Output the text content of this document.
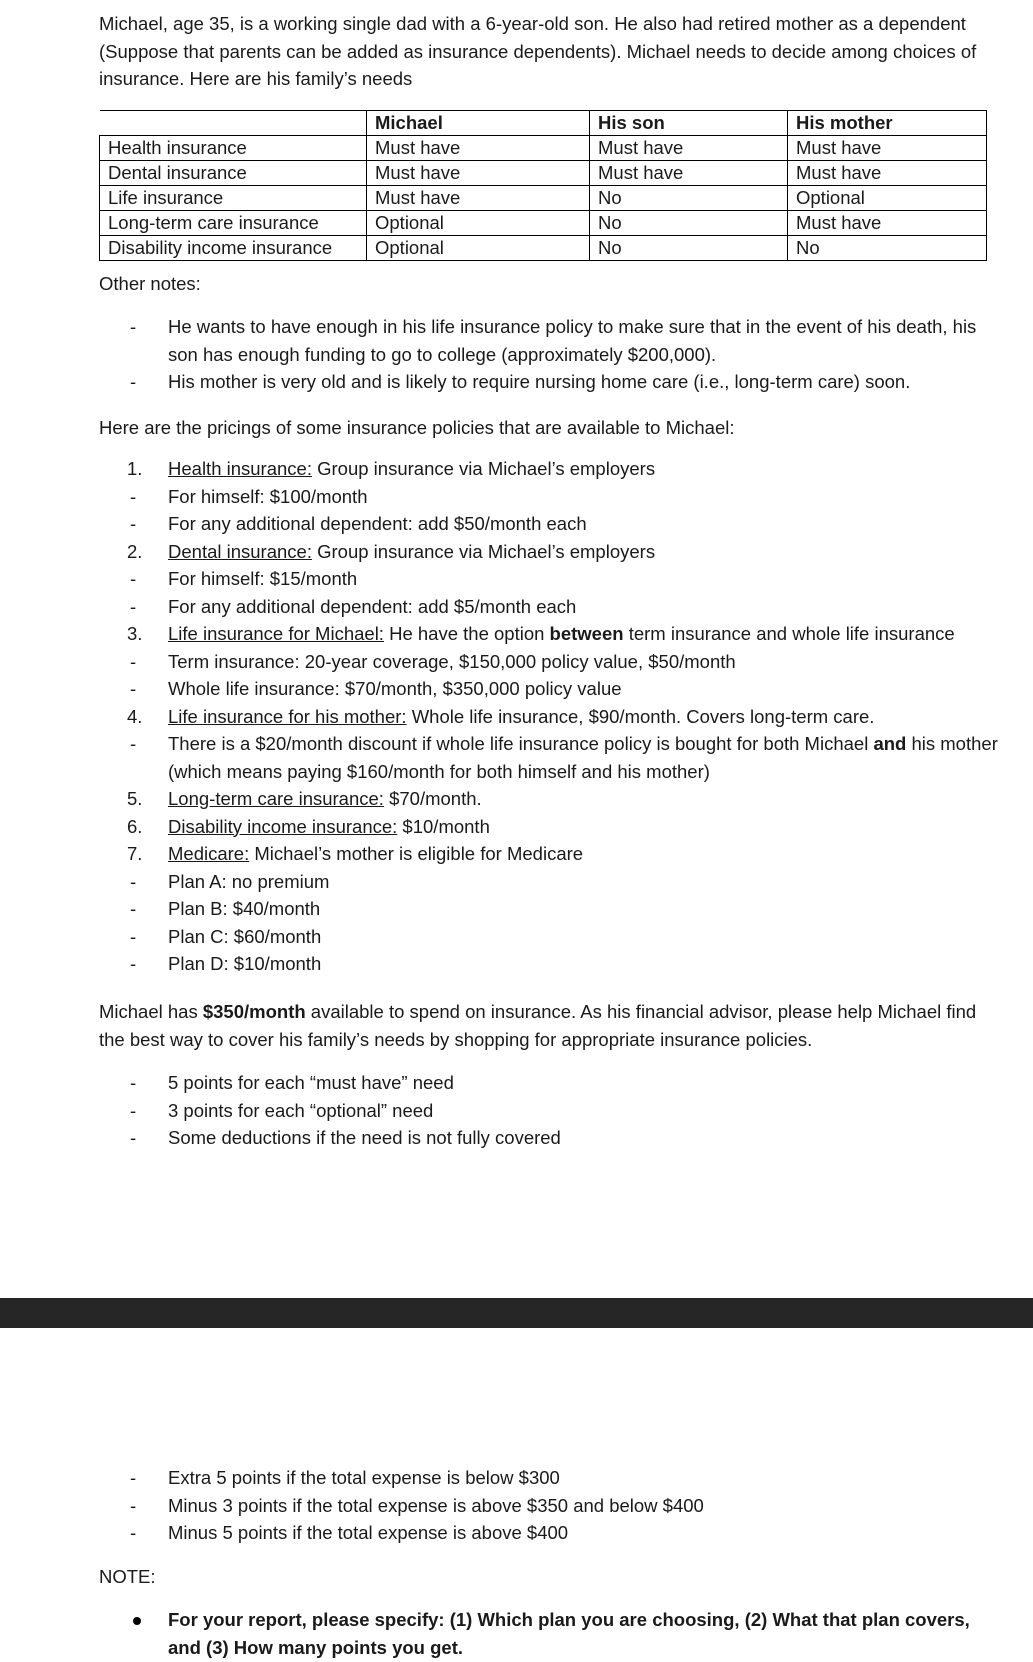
Michael, age 35, is a working single dad with a 6-year-old son. He also had retired mother as a dependent (Suppose that parents can be added as insurance dependents). Michael needs to decide among choices of insurance. Here are his family’s needs

	Michael	His son	His mother
Health insurance	Must have	Must have	Must have
Dental insurance	Must have	Must have	Must have
Life insurance	Must have	No	Optional
Long-term care insurance	Optional	No	Must have
Disability income insurance	Optional	No	No

Other notes:

-	He wants to have enough in his life insurance policy to make sure that in the event of his death, his son has enough funding to go to college (approximately $200,000).
-	His mother is very old and is likely to require nursing home care (i.e., long-term care) soon.

Here are the pricings of some insurance policies that are available to Michael:

1.	Health insurance: Group insurance via Michael’s employers
-	For himself: $100/month
-	For any additional dependent: add $50/month each
2.	Dental insurance: Group insurance via Michael’s employers
-	For himself: $15/month
-	For any additional dependent: add $5/month each
3.	Life insurance for Michael: He have the option between term insurance and whole life insurance
-	Term insurance: 20-year coverage, $150,000 policy value, $50/month
-	Whole life insurance: $70/month, $350,000 policy value
4.	Life insurance for his mother: Whole life insurance, $90/month. Covers long-term care.
-	There is a $20/month discount if whole life insurance policy is bought for both Michael and his mother (which means paying $160/month for both himself and his mother)
5.	Long-term care insurance: $70/month.
6.	Disability income insurance: $10/month
7.	Medicare: Michael’s mother is eligible for Medicare
-	Plan A: no premium
-	Plan B: $40/month
-	Plan C: $60/month
-	Plan D: $10/month

Michael has $350/month available to spend on insurance. As his financial advisor, please help Michael find the best way to cover his family’s needs by shopping for appropriate insurance policies.

-	5 points for each “must have” need
-	3 points for each “optional” need
-	Some deductions if the need is not fully covered
-	Extra 5 points if the total expense is below $300
-	Minus 3 points if the total expense is above $350 and below $400
-	Minus 5 points if the total expense is above $400

NOTE:

For your report, please specify: (1) Which plan you are choosing, (2) What that plan covers, and (3) How many points you get.
